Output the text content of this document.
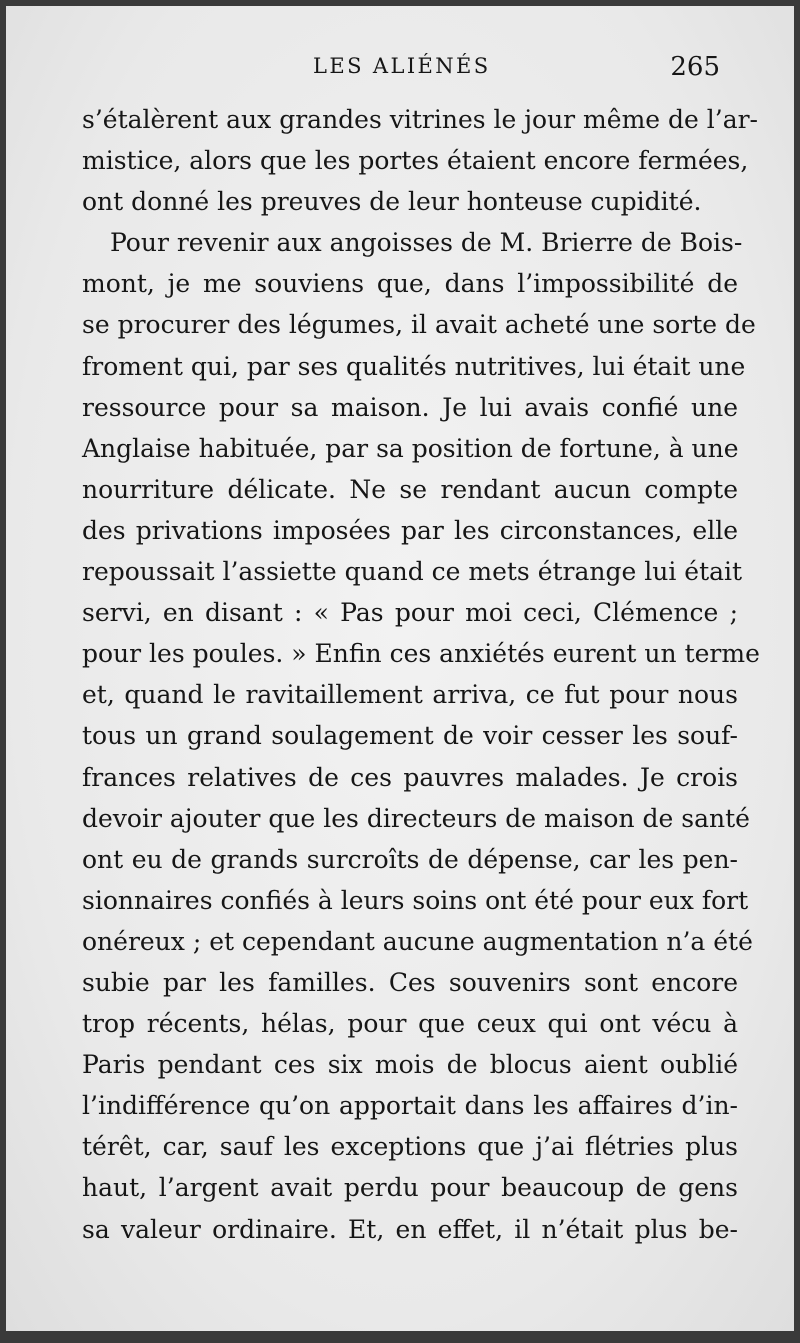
LES ALIÉNÉS	265
s’étalèrent aux grandes vitrines le jour même de l’ar-
mistice, alors que les portes étaient encore fermées,
ont donné les preuves de leur honteuse cupidité.
Pour revenir aux angoisses de M. Brierre de Bois-
mont, je me souviens que, dans l’impossibilité de
se procurer des légumes, il avait acheté une sorte de
froment qui, par ses qualités nutritives, lui était une
ressource pour sa maison. Je lui avais confié une
Anglaise habituée, par sa position de fortune, à une
nourriture délicate. Ne se rendant aucun compte
des privations imposées par les circonstances, elle
repoussait l’assiette quand ce mets étrange lui était
servi, en disant : « Pas pour moi ceci, Clémence ;
pour les poules. » Enfin ces anxiétés eurent un terme
et, quand le ravitaillement arriva, ce fut pour nous
tous un grand soulagement de voir cesser les souf-
frances relatives de ces pauvres malades. Je crois
devoir ajouter que les directeurs de maison de santé
ont eu de grands surcroîts de dépense, car les pen-
sionnaires confiés à leurs soins ont été pour eux fort
onéreux ; et cependant aucune augmentation n’a été
subie par les familles. Ces souvenirs sont encore
trop récents, hélas, pour que ceux qui ont vécu à
Paris pendant ces six mois de blocus aient oublié
l’indifférence qu’on apportait dans les affaires d’in-
térêt, car, sauf les exceptions que j’ai flétries plus
haut, l’argent avait perdu pour beaucoup de gens
sa valeur ordinaire. Et, en effet, il n’était plus be-
